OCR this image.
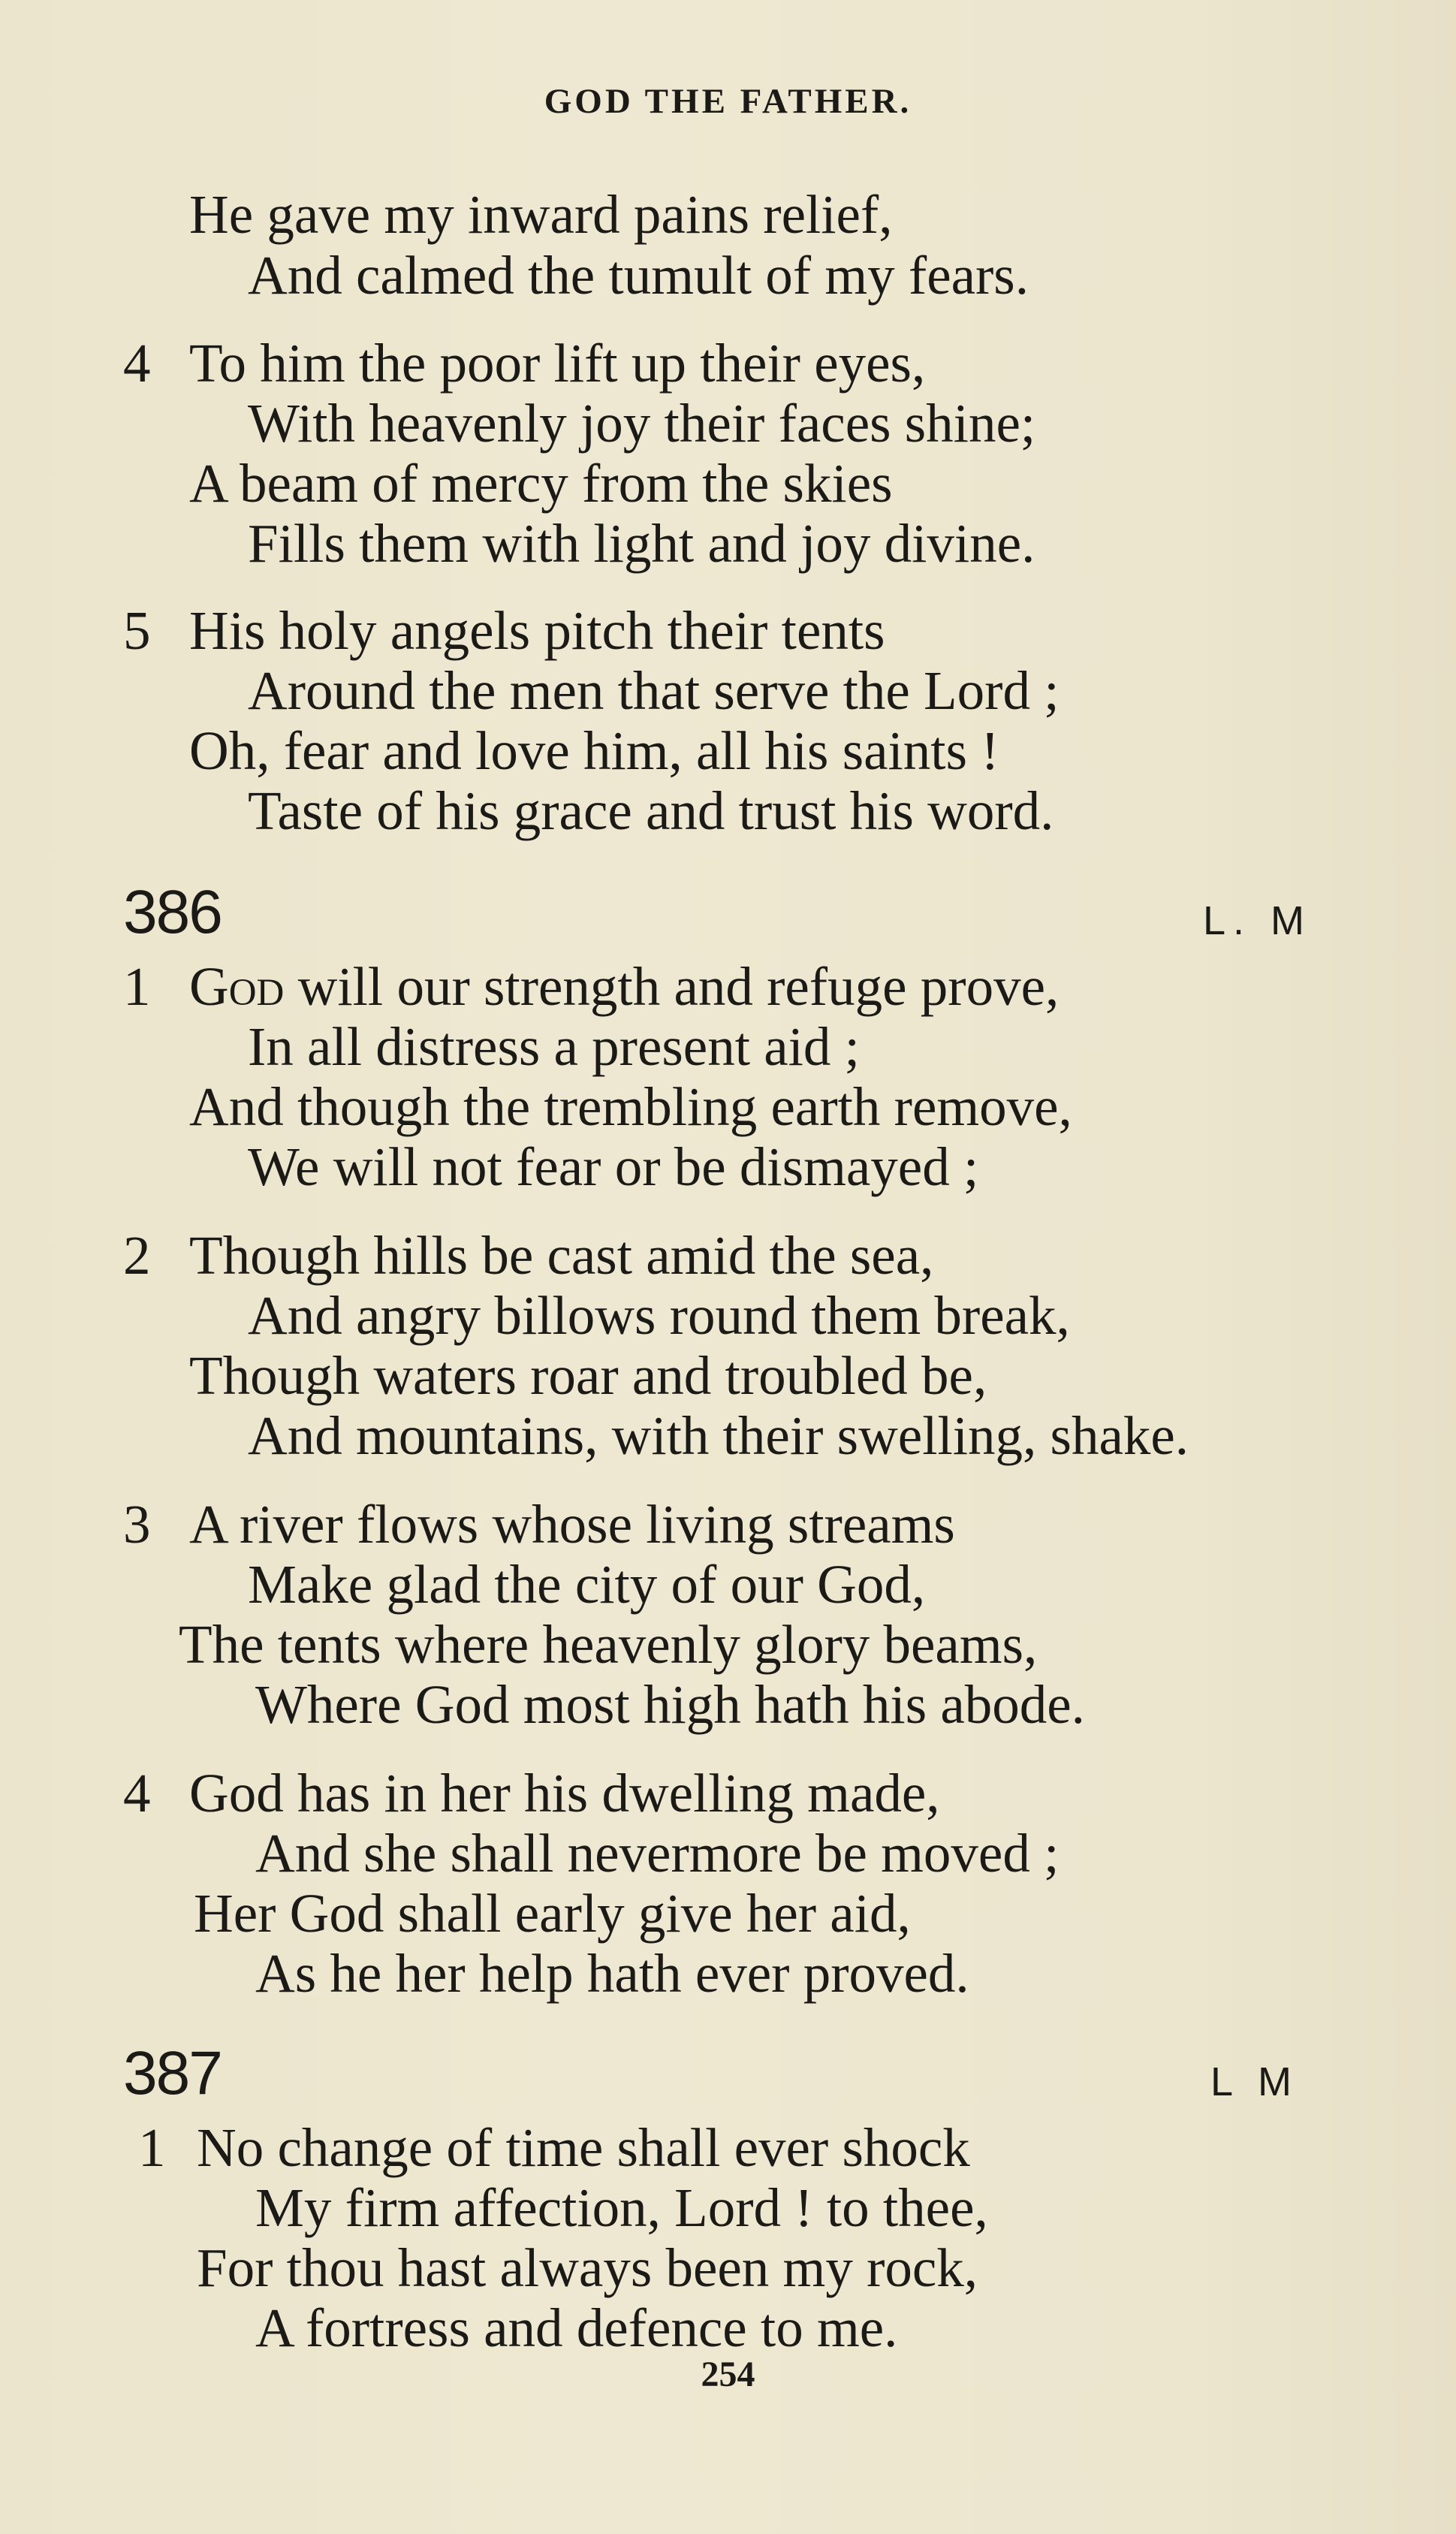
GOD THE FATHER.
He gave my inward pains relief,
And calmed the tumult of my fears.
4 To him the poor lift up their eyes,
With heavenly joy their faces shine;
A beam of mercy from the skies
Fills them with light and joy divine.
5 His holy angels pitch their tents
Around the men that serve the Lord ;
Oh, fear and love him, all his saints !
Taste of his grace and trust his word.
386	L. M
1 God will our strength and refuge prove,
In all distress a present aid ;
And though the trembling earth remove,
We will not fear or be dismayed ;
2 Though hills be cast amid the sea,
And angry billows round them break,
Though waters roar and troubled be,
And mountains, with their swelling, shake.
3 A river flows whose living streams
Make glad the city of our God,
The tents where heavenly glory beams,
Where God most high hath his abode.
4 God has in her his dwelling made,
And she shall nevermore be moved ;
Her God shall early give her aid,
As he her help hath ever proved.
387	L M
1 No change of time shall ever shock
My firm affection, Lord ! to thee,
For thou hast always been my rock,
A fortress and defence to me.
254
